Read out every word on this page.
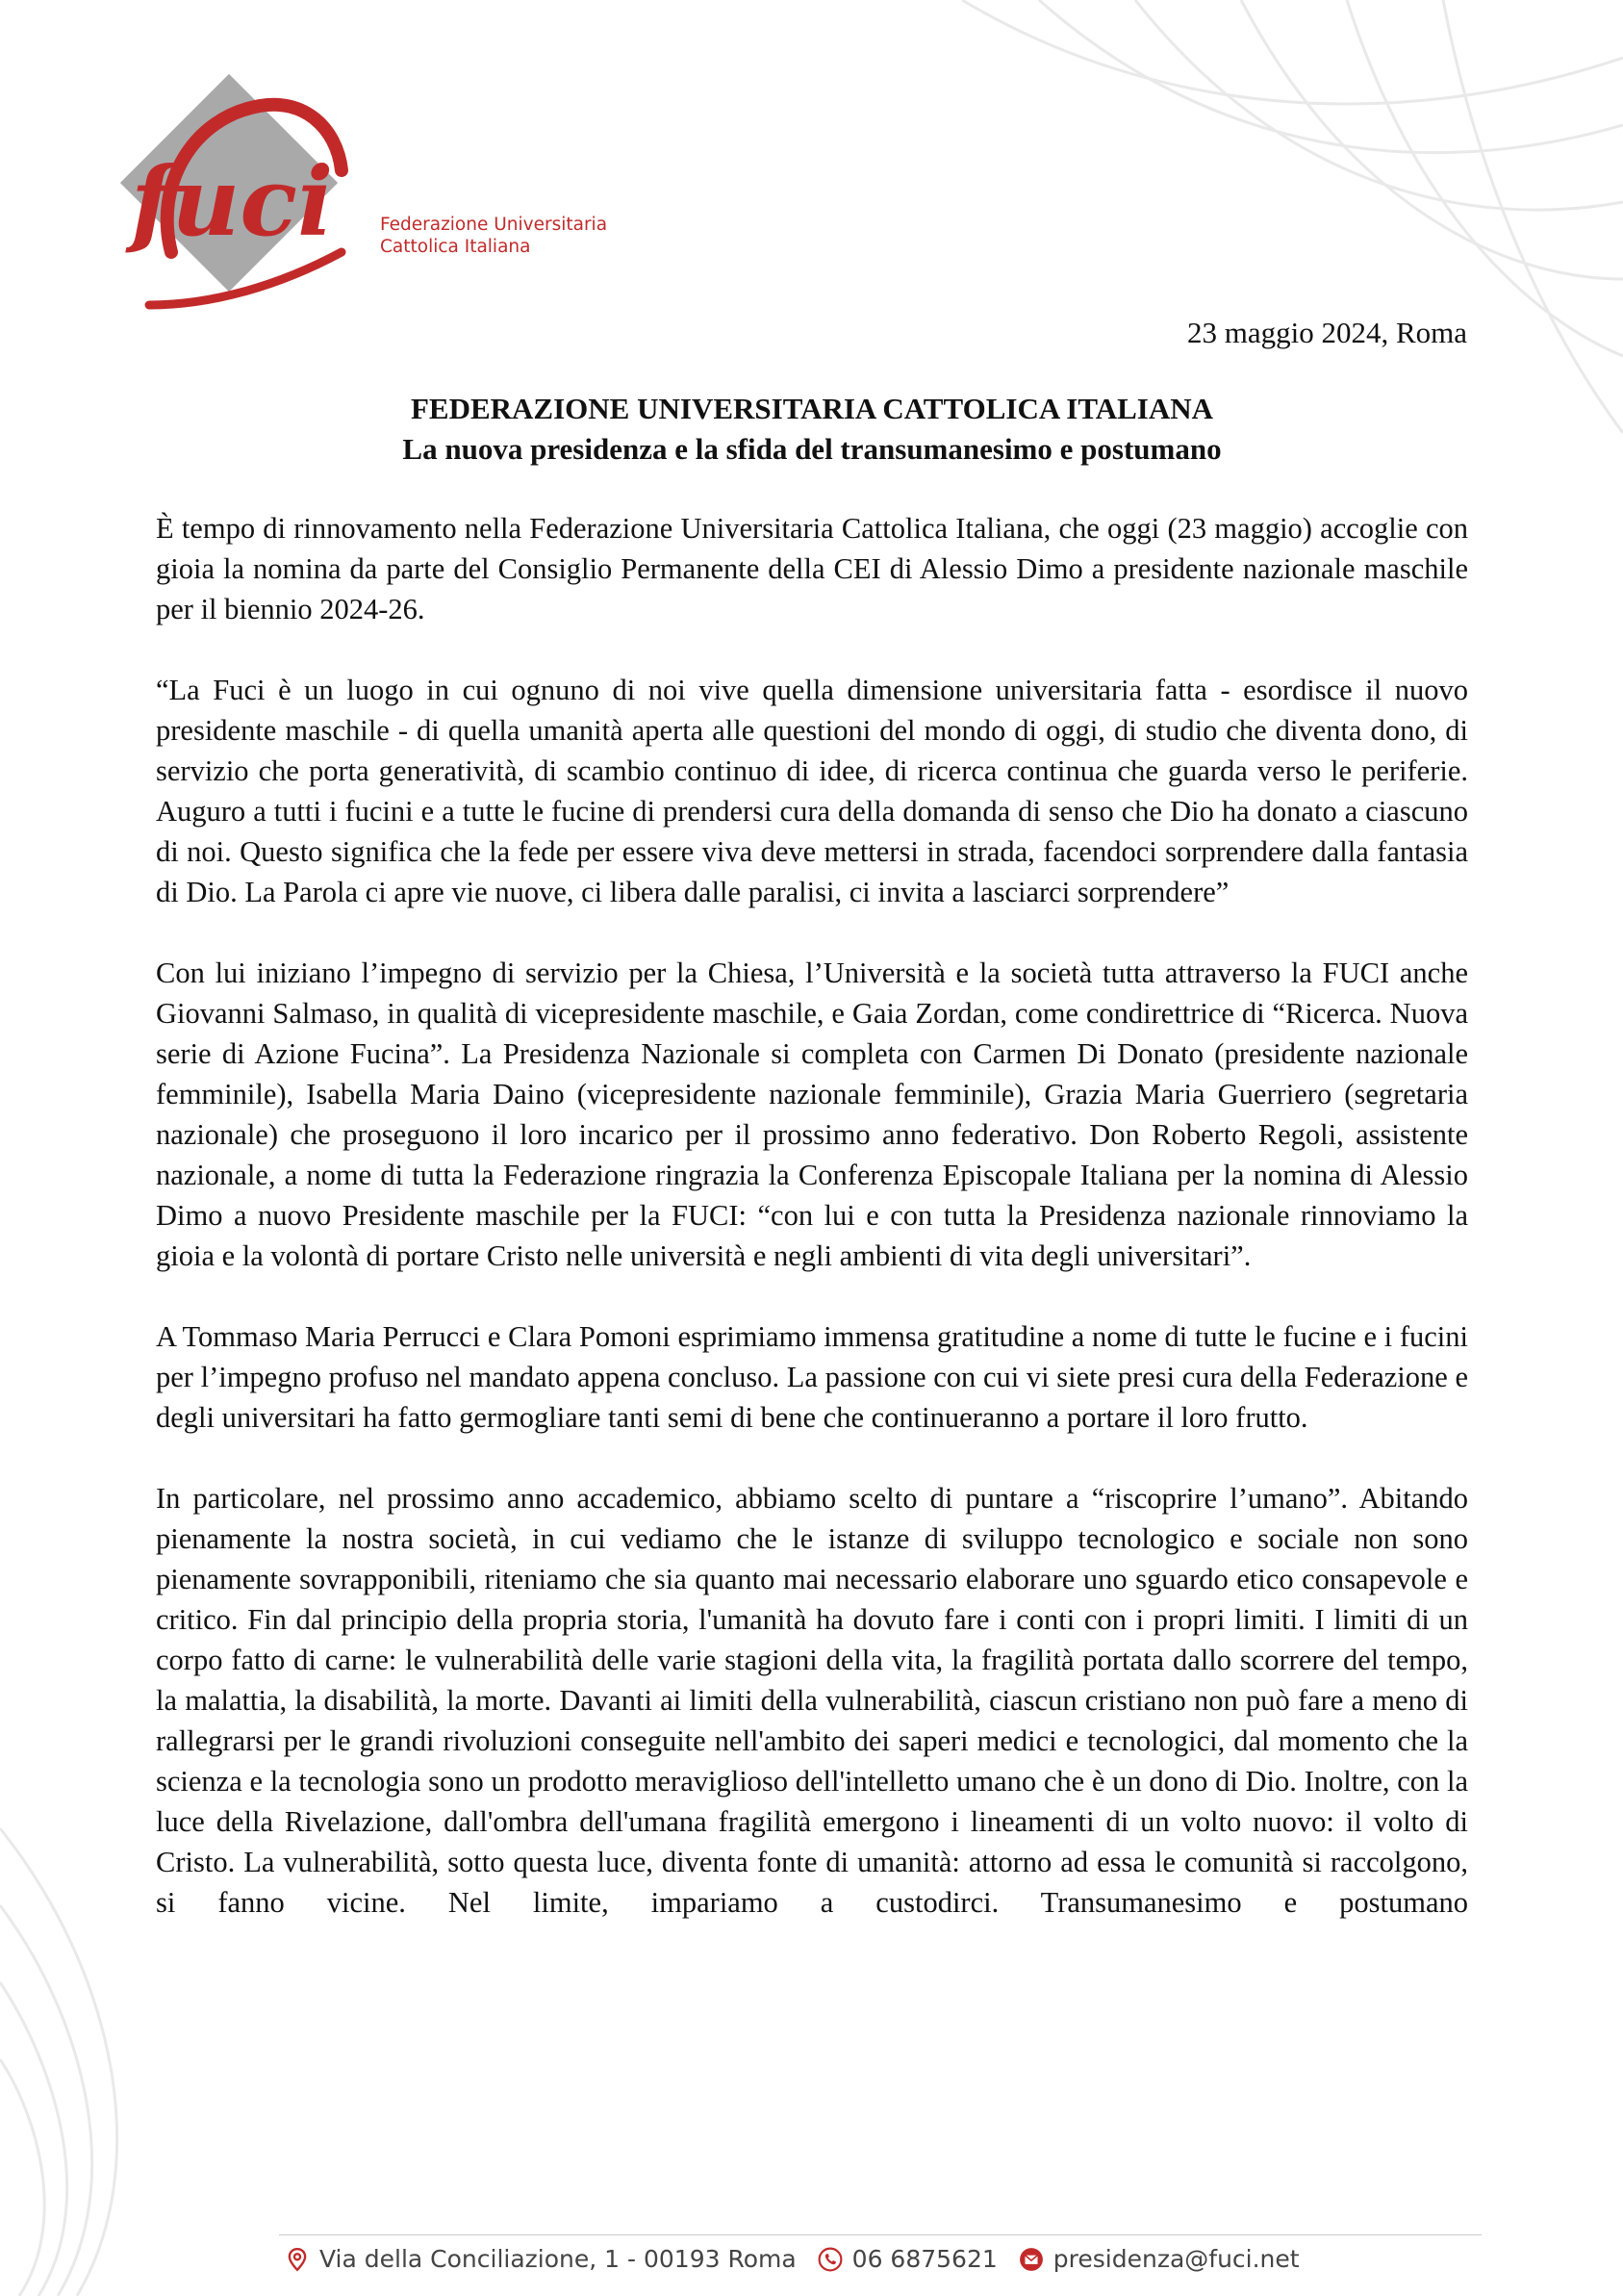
fuci	Federazione Universitaria
Cattolica Italiana
23 maggio 2024, Roma
FEDERAZIONE UNIVERSITARIA CATTOLICA ITALIANA
La nuova presidenza e la sfida del transumanesimo e postumano

È tempo di rinnovamento nella Federazione Universitaria Cattolica Italiana, che oggi (23 maggio) accoglie con gioia la nomina da parte del Consiglio Permanente della CEI di Alessio Dimo a presidente nazionale maschile per il biennio 2024-26.

“La Fuci è un luogo in cui ognuno di noi vive quella dimensione universitaria fatta - esordisce il nuovo presidente maschile - di quella umanità aperta alle questioni del mondo di oggi, di studio che diventa dono, di servizio che porta generatività, di scambio continuo di idee, di ricerca continua che guarda verso le periferie. Auguro a tutti i fucini e a tutte le fucine di prendersi cura della domanda di senso che Dio ha donato a ciascuno di noi. Questo significa che la fede per essere viva deve mettersi in strada, facendoci sorprendere dalla fantasia di Dio. La Parola ci apre vie nuove, ci libera dalle paralisi, ci invita a lasciarci sorprendere”

Con lui iniziano l’impegno di servizio per la Chiesa, l’Università e la società tutta attraverso la FUCI anche Giovanni Salmaso, in qualità di vicepresidente maschile, e Gaia Zordan, come condirettrice di “Ricerca. Nuova serie di Azione Fucina”. La Presidenza Nazionale si completa con Carmen Di Donato (presidente nazionale femminile), Isabella Maria Daino (vicepresidente nazionale femminile), Grazia Maria Guerriero (segretaria nazionale) che proseguono il loro incarico per il prossimo anno federativo. Don Roberto Regoli, assistente nazionale, a nome di tutta la Federazione ringrazia la Conferenza Episcopale Italiana per la nomina di Alessio Dimo a nuovo Presidente maschile per la FUCI: “con lui e con tutta la Presidenza nazionale rinnoviamo la gioia e la volontà di portare Cristo nelle università e negli ambienti di vita degli universitari”.

A Tommaso Maria Perrucci e Clara Pomoni esprimiamo immensa gratitudine a nome di tutte le fucine e i fucini per l’impegno profuso nel mandato appena concluso. La passione con cui vi siete presi cura della Federazione e degli universitari ha fatto germogliare tanti semi di bene che continueranno a portare il loro frutto.

In particolare, nel prossimo anno accademico, abbiamo scelto di puntare a “riscoprire l’umano”. Abitando pienamente la nostra società, in cui vediamo che le istanze di sviluppo tecnologico e sociale non sono pienamente sovrapponibili, riteniamo che sia quanto mai necessario elaborare uno sguardo etico consapevole e critico. Fin dal principio della propria storia, l'umanità ha dovuto fare i conti con i propri limiti. I limiti di un corpo fatto di carne: le vulnerabilità delle varie stagioni della vita, la fragilità portata dallo scorrere del tempo, la malattia, la disabilità, la morte. Davanti ai limiti della vulnerabilità, ciascun cristiano non può fare a meno di rallegrarsi per le grandi rivoluzioni conseguite nell'ambito dei saperi medici e tecnologici, dal momento che la scienza e la tecnologia sono un prodotto meraviglioso dell'intelletto umano che è un dono di Dio. Inoltre, con la luce della Rivelazione, dall'ombra dell'umana fragilità emergono i lineamenti di un volto nuovo: il volto di Cristo. La vulnerabilità, sotto questa luce, diventa fonte di umanità: attorno ad essa le comunità si raccolgono, si fanno vicine. Nel limite, impariamo a custodirci. Transumanesimo e postumano

Via della Conciliazione, 1 - 00193 Roma 06 6875621 presidenza@fuci.net
